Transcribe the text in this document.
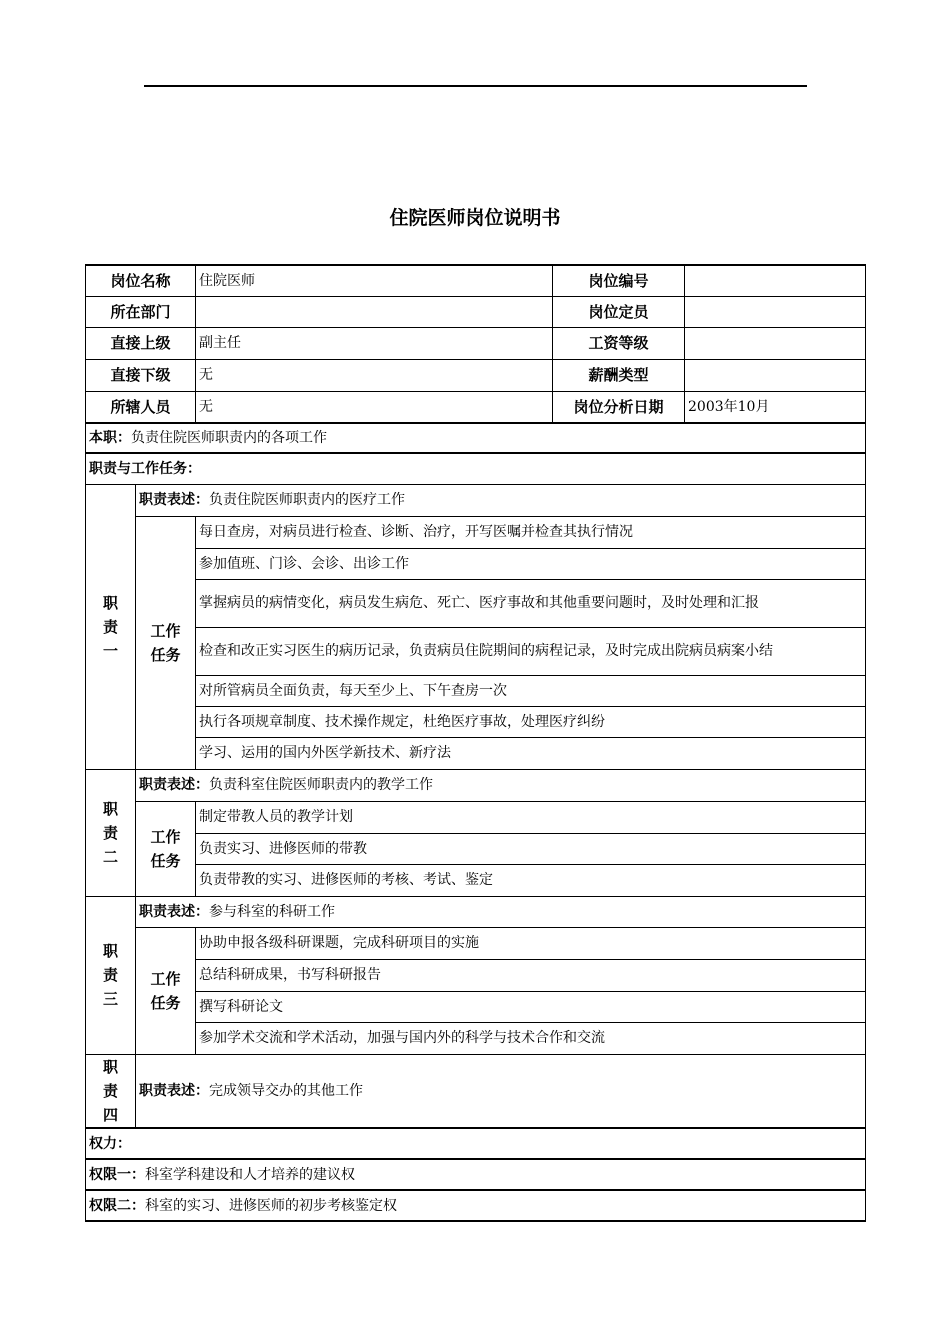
住院医师岗位说明书
岗位名称		住院医师	岗位编号	
所在部门			岗位定员	
直接上级		副主任	工资等级	
直接下级		无	薪酬类型	
所辖人员		无	岗位分析日期	2003年10月
本职：负责住院医师职责内的各项工作				
职责与工作任务：				
职
责
一	职责表述：负责住院医师职责内的医疗工作			
	工作
任务	每日查房，对病员进行检查、诊断、治疗，开写医嘱并检查其执行情况		
		参加值班、门诊、会诊、出诊工作		
		掌握病员的病情变化，病员发生病危、死亡、医疗事故和其他重要问题时，及时处理和汇报		
		检查和改正实习医生的病历记录，负责病员住院期间的病程记录，及时完成出院病员病案小结		
		对所管病员全面负责，每天至少上、下午查房一次		
		执行各项规章制度、技术操作规定，杜绝医疗事故，处理医疗纠纷		
		学习、运用的国内外医学新技术、新疗法		
职
责
二	职责表述：负责科室住院医师职责内的教学工作			
	工作
任务	制定带教人员的教学计划		
		负责实习、进修医师的带教		
		负责带教的实习、进修医师的考核、考试、鉴定		
职
责
三	职责表述：参与科室的科研工作			
	工作
任务	协助申报各级科研课题，完成科研项目的实施		
		总结科研成果，书写科研报告		
		撰写科研论文		
		参加学术交流和学术活动，加强与国内外的科学与技术合作和交流		
职
责
四	职责表述：完成领导交办的其他工作			
权力：				
权限一：科室学科建设和人才培养的建议权				
权限二：科室的实习、进修医师的初步考核鉴定权				
